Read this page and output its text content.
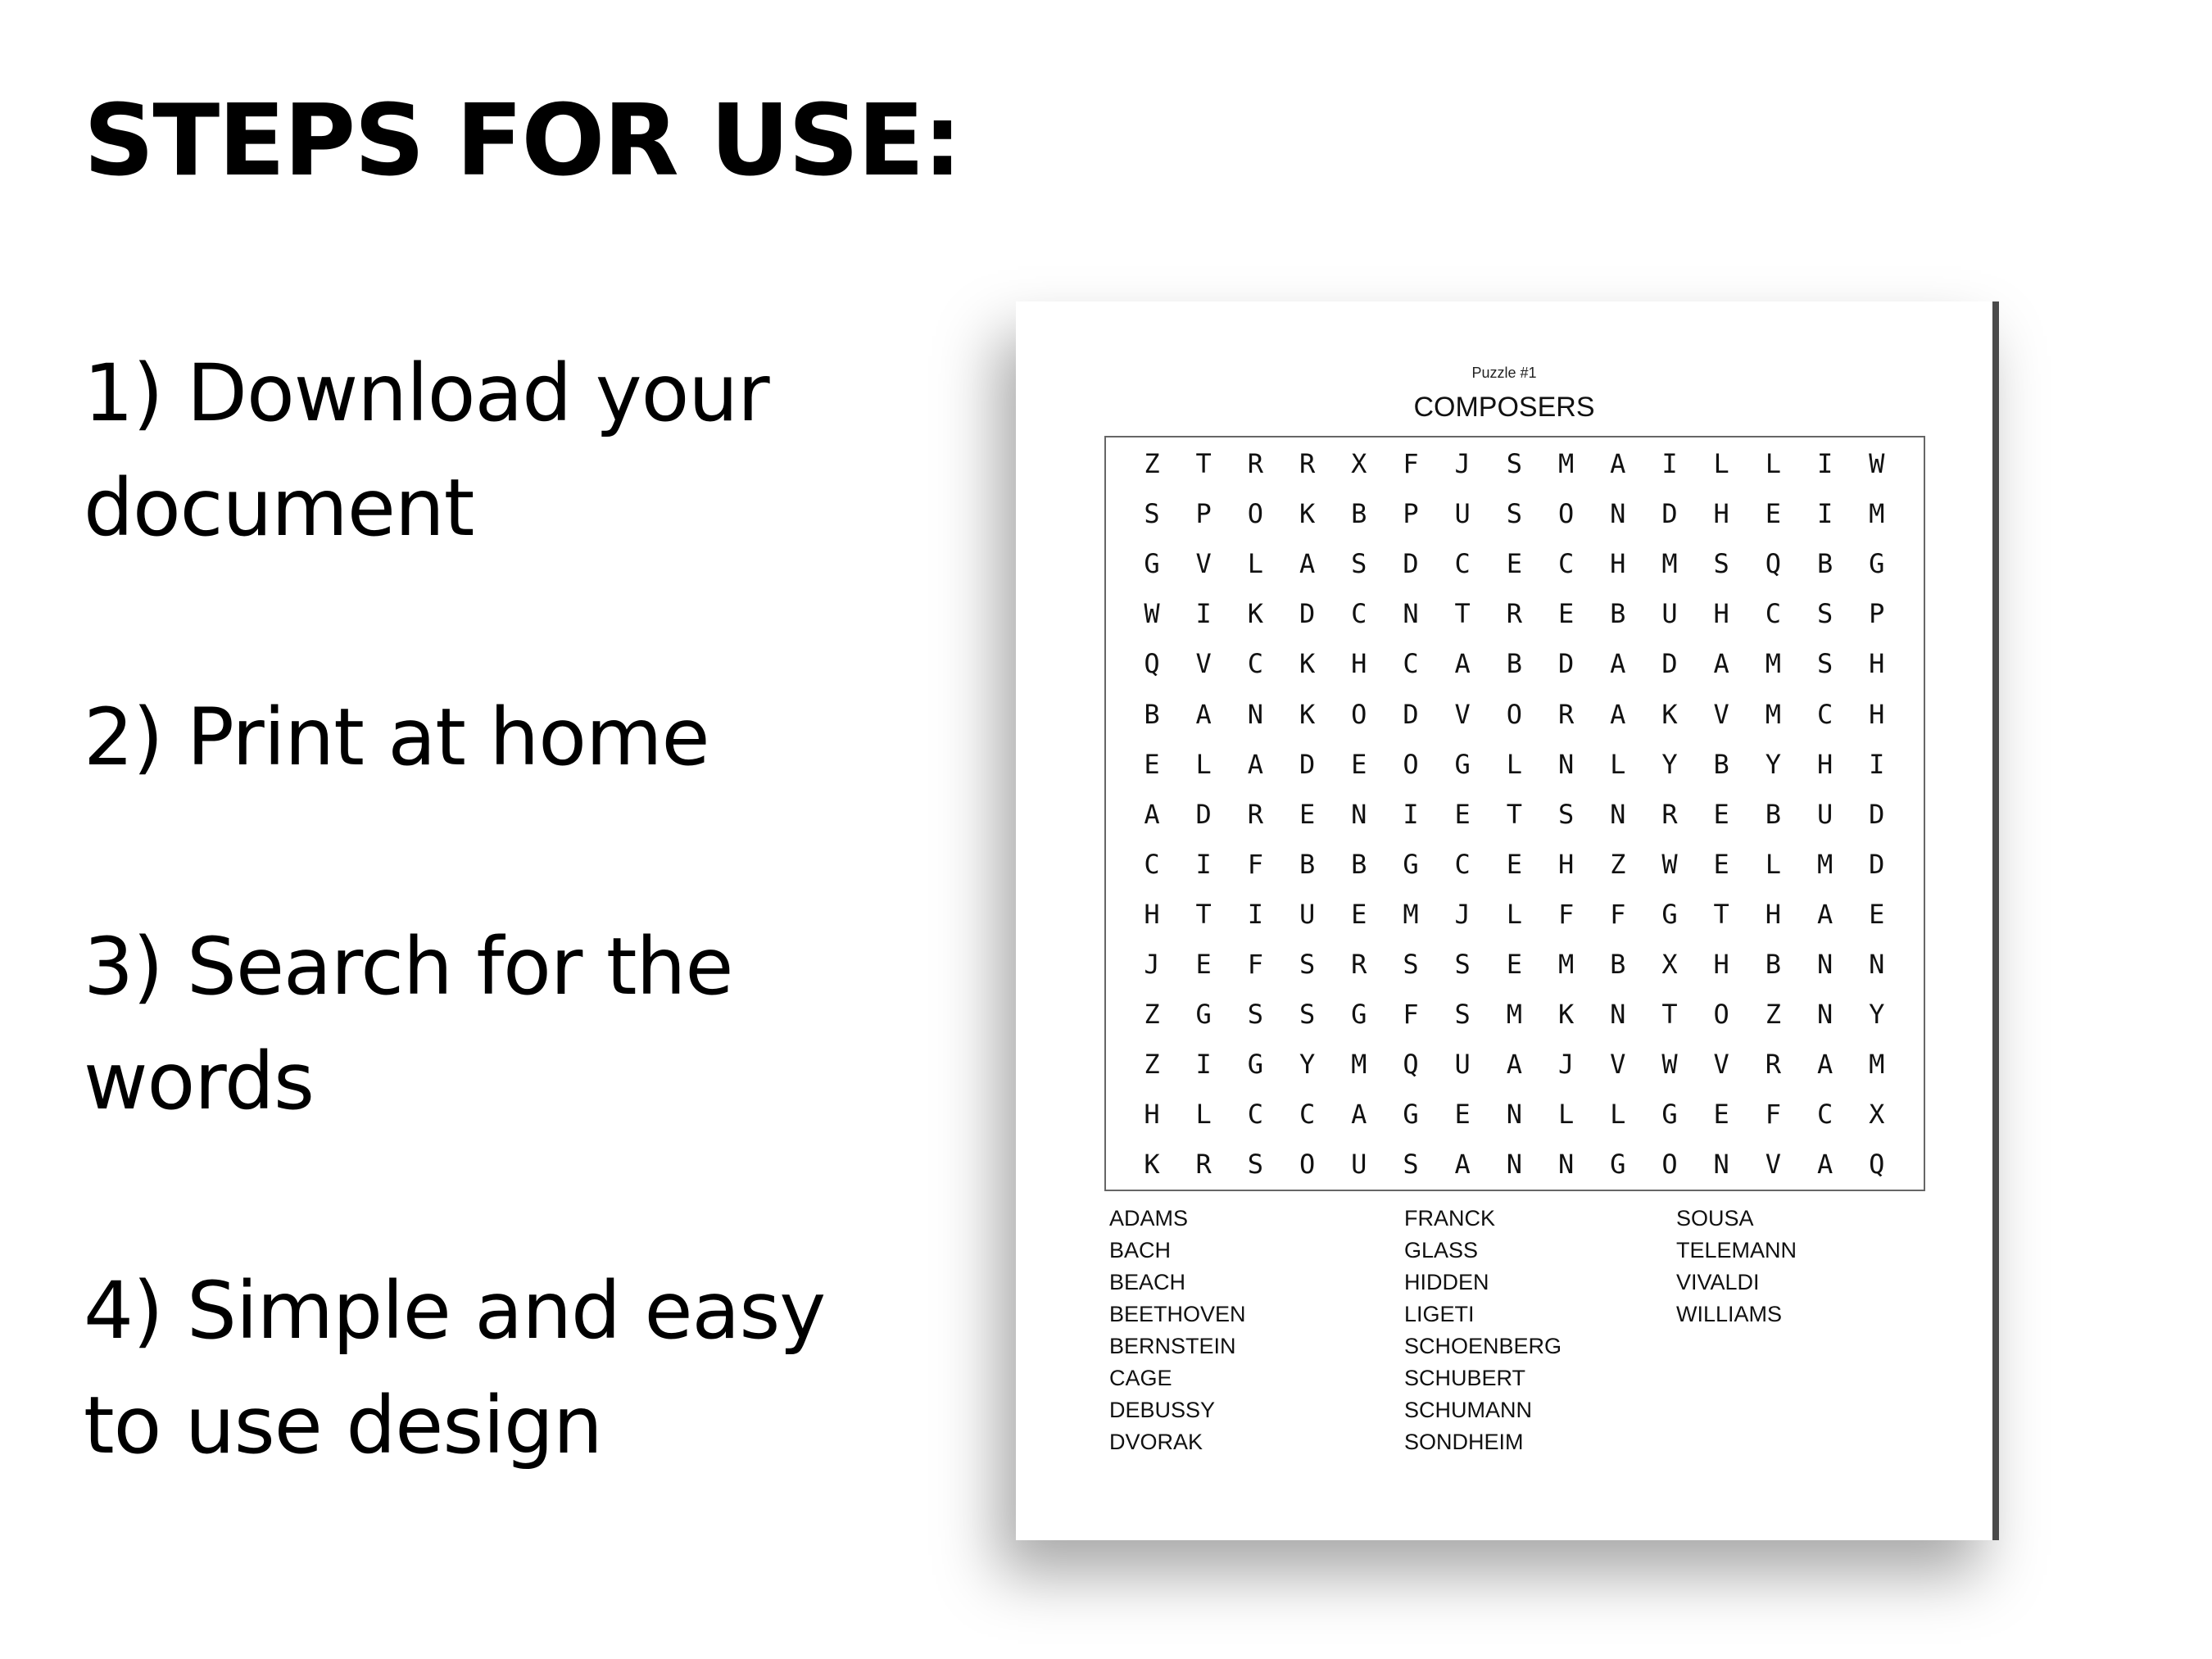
STEPS FOR USE:
1) Download your
document
2) Print at home
3) Search for the
words
4) Simple and easy
to use design
Puzzle #1
COMPOSERS
Z	T	R	R	X	F	J	S	M	A	I	L	L	I	W
S	P	O	K	B	P	U	S	O	N	D	H	E	I	M
G	V	L	A	S	D	C	E	C	H	M	S	Q	B	G
W	I	K	D	C	N	T	R	E	B	U	H	C	S	P
Q	V	C	K	H	C	A	B	D	A	D	A	M	S	H
B	A	N	K	O	D	V	O	R	A	K	V	M	C	H
E	L	A	D	E	O	G	L	N	L	Y	B	Y	H	I
A	D	R	E	N	I	E	T	S	N	R	E	B	U	D
C	I	F	B	B	G	C	E	H	Z	W	E	L	M	D
H	T	I	U	E	M	J	L	F	F	G	T	H	A	E
J	E	F	S	R	S	S	E	M	B	X	H	B	N	N
Z	G	S	S	G	F	S	M	K	N	T	O	Z	N	Y
Z	I	G	Y	M	Q	U	A	J	V	W	V	R	A	M
H	L	C	C	A	G	E	N	L	L	G	E	F	C	X
K	R	S	O	U	S	A	N	N	G	O	N	V	A	Q
ADAMS
BACH
BEACH
BEETHOVEN
BERNSTEIN
CAGE
DEBUSSY
DVORAK
FRANCK
GLASS
HIDDEN
LIGETI
SCHOENBERG
SCHUBERT
SCHUMANN
SONDHEIM
SOUSA
TELEMANN
VIVALDI
WILLIAMS
